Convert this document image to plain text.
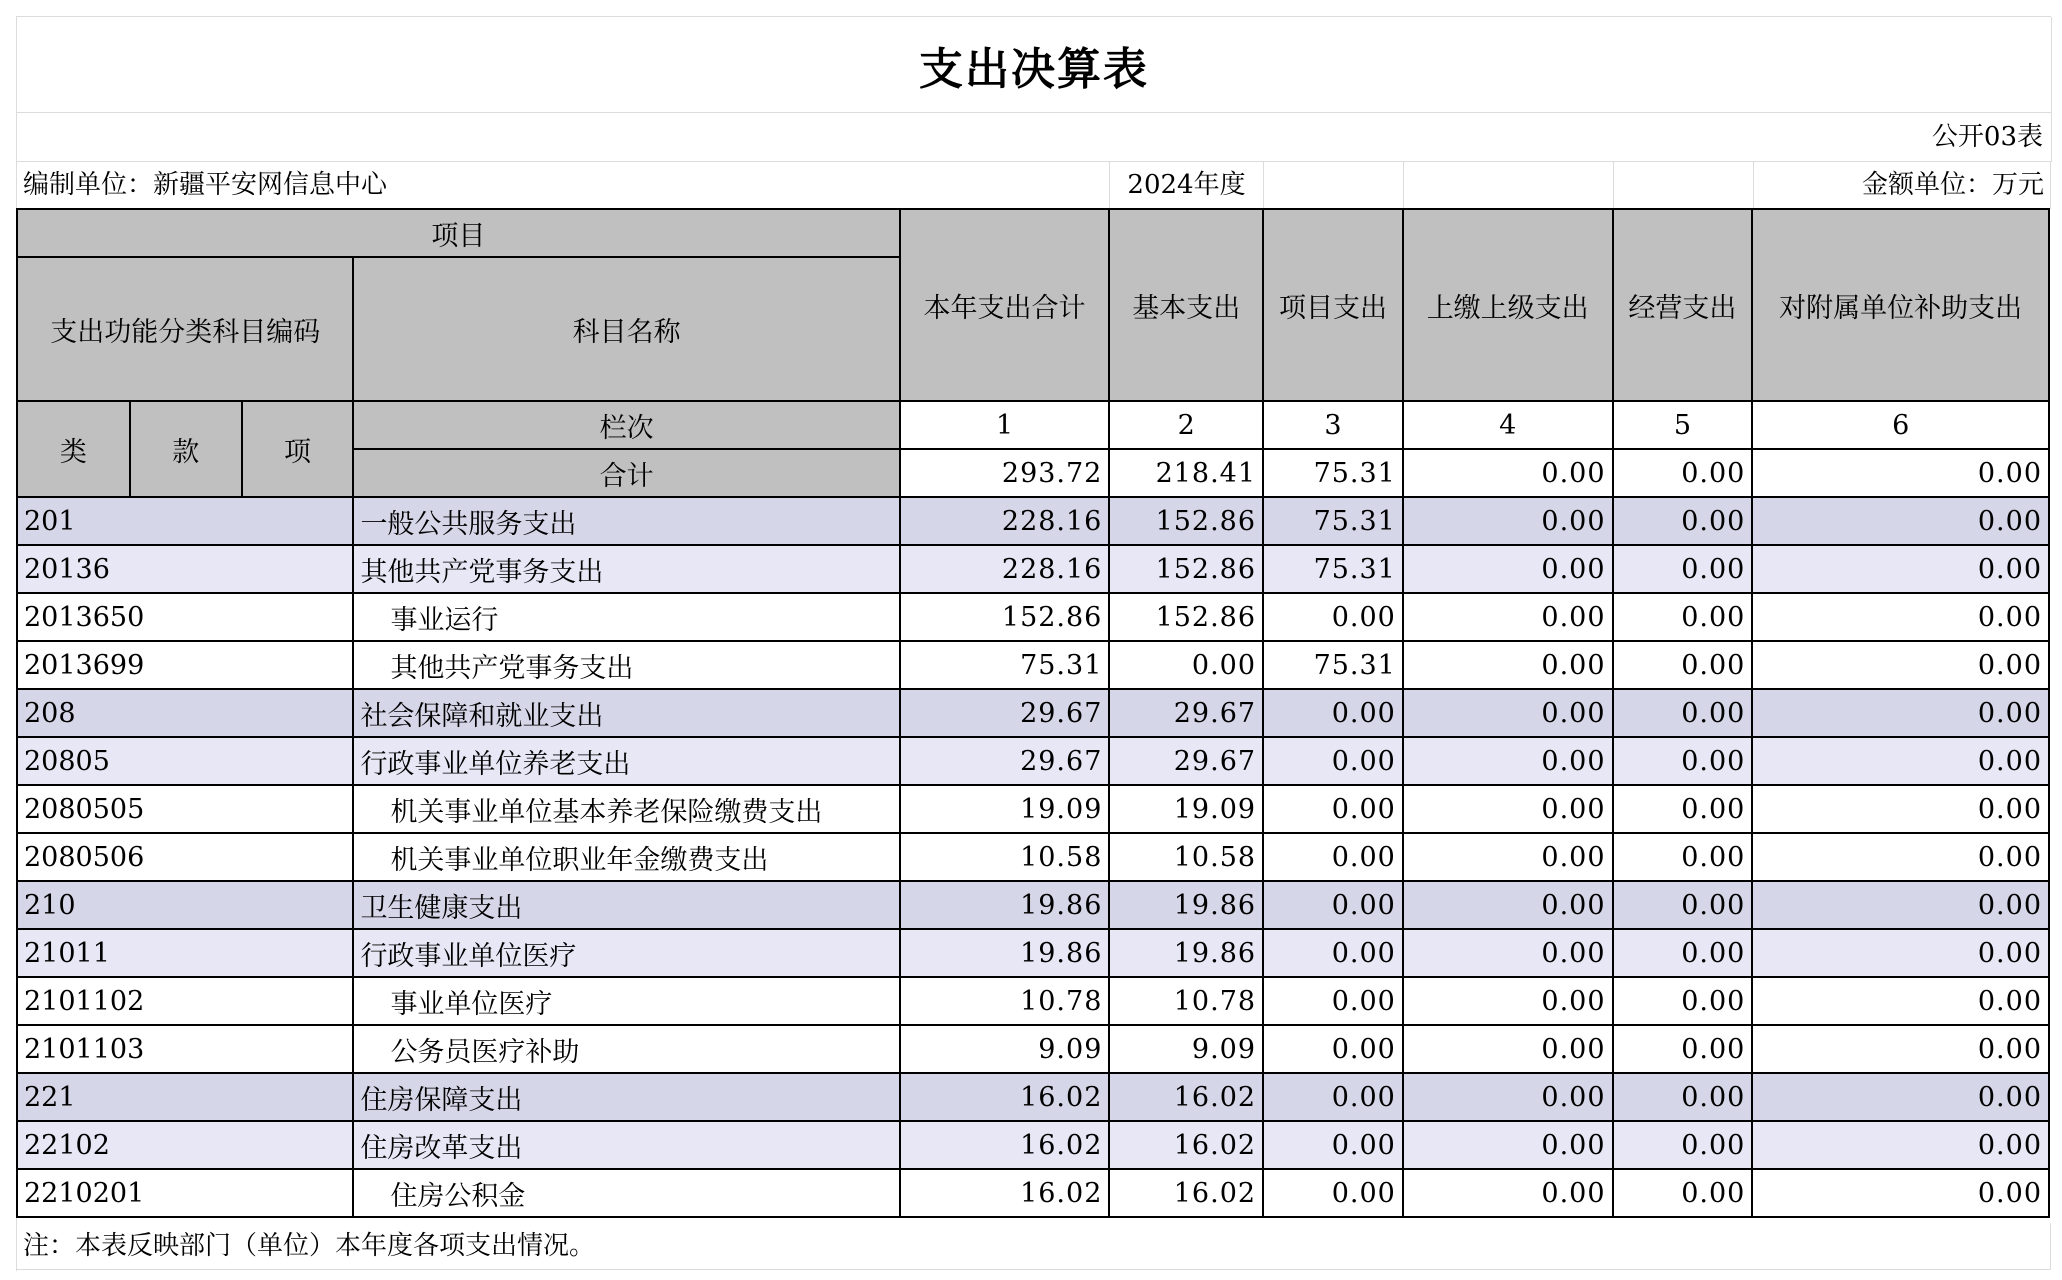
支出决算表
公开03表
编制单位：新疆平安网信息中心	2024年度	金额单位：万元
项目				本年支出合计	基本支出	项目支出	上缴上级支出	经营支出	对附属单位补助支出
支出功能分类科目编码			科目名称						
类	款	项	栏次	1	2	3	4	5	6
			合计	293.72	218.41	75.31	0.00	0.00	0.00
201			一般公共服务支出	228.16	152.86	75.31	0.00	0.00	0.00
20136			其他共产党事务支出	228.16	152.86	75.31	0.00	0.00	0.00
2013650			事业运行	152.86	152.86	0.00	0.00	0.00	0.00
2013699			其他共产党事务支出	75.31	0.00	75.31	0.00	0.00	0.00
208			社会保障和就业支出	29.67	29.67	0.00	0.00	0.00	0.00
20805			行政事业单位养老支出	29.67	29.67	0.00	0.00	0.00	0.00
2080505			机关事业单位基本养老保险缴费支出	19.09	19.09	0.00	0.00	0.00	0.00
2080506			机关事业单位职业年金缴费支出	10.58	10.58	0.00	0.00	0.00	0.00
210			卫生健康支出	19.86	19.86	0.00	0.00	0.00	0.00
21011			行政事业单位医疗	19.86	19.86	0.00	0.00	0.00	0.00
2101102			事业单位医疗	10.78	10.78	0.00	0.00	0.00	0.00
2101103			公务员医疗补助	9.09	9.09	0.00	0.00	0.00	0.00
221			住房保障支出	16.02	16.02	0.00	0.00	0.00	0.00
22102			住房改革支出	16.02	16.02	0.00	0.00	0.00	0.00
2210201			住房公积金	16.02	16.02	0.00	0.00	0.00	0.00
注：本表反映部门（单位）本年度各项支出情况。
